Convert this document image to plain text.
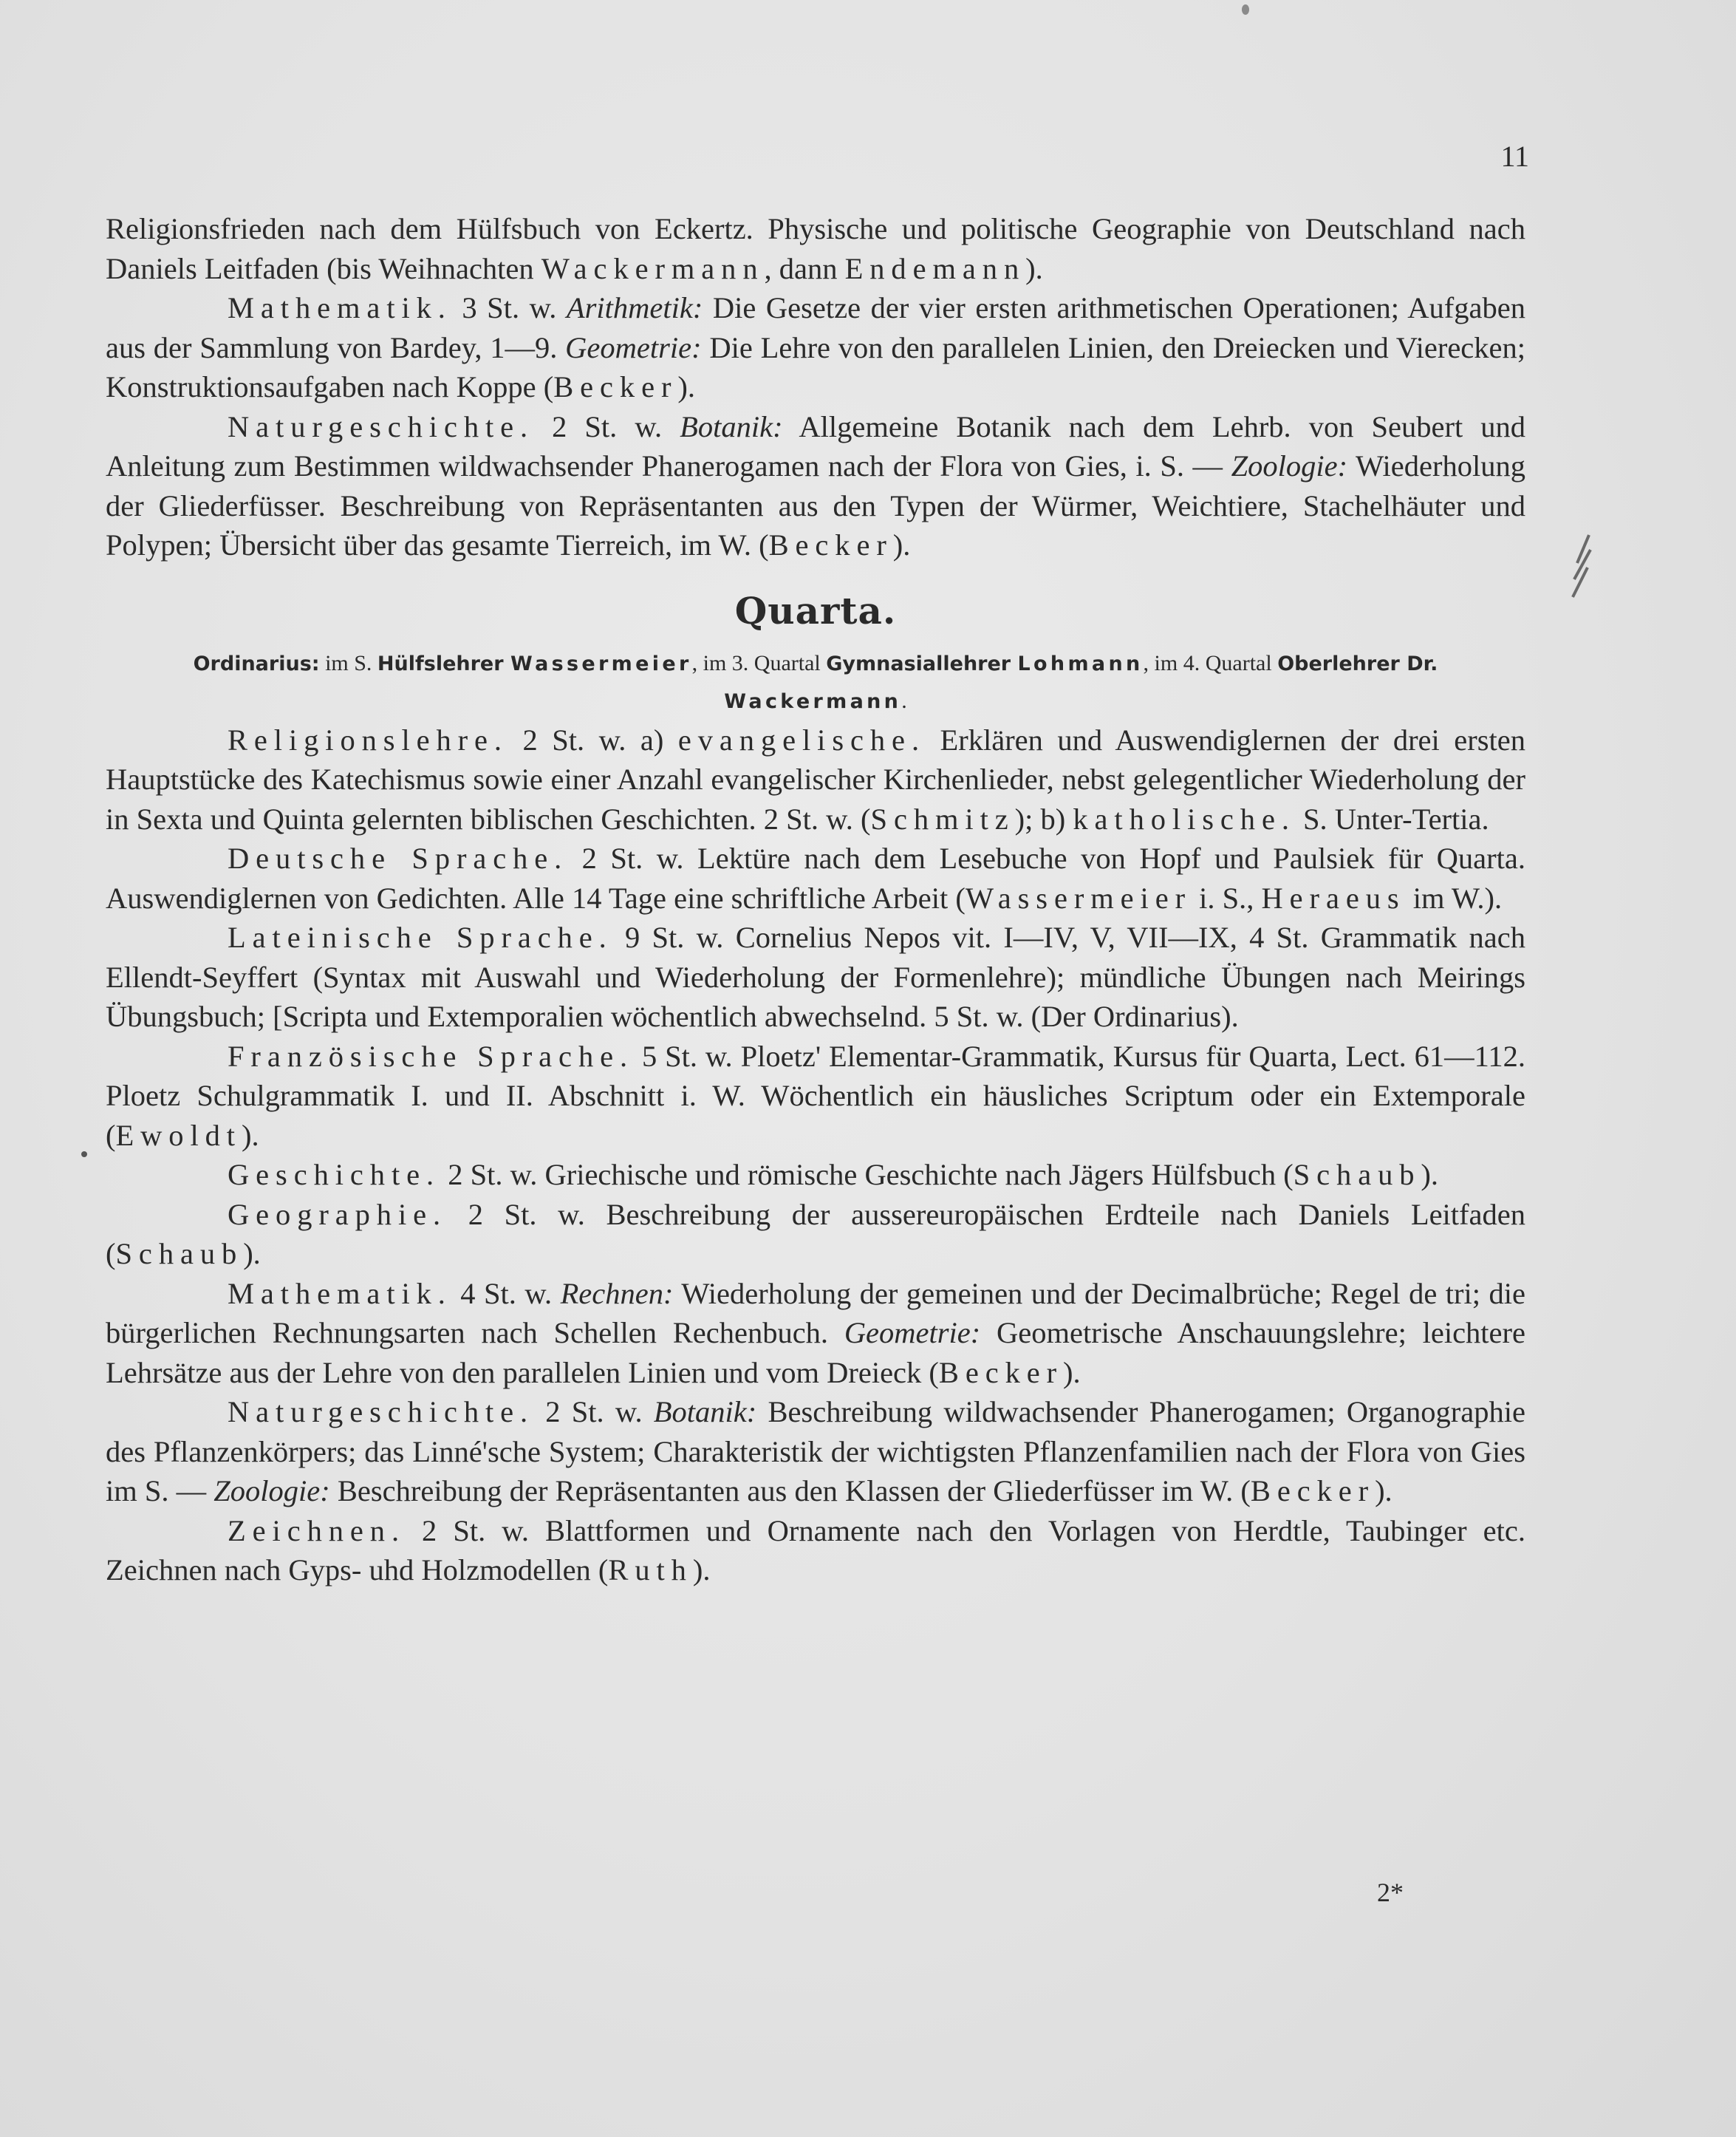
11

Religionsfrieden nach dem Hülfsbuch von Eckertz. Physische und politische Geographie von Deutschland nach Daniels Leitfaden (bis Weihnachten Wackermann, dann Endemann).

Mathematik. 3 St. w. Arithmetik: Die Gesetze der vier ersten arithmetischen Operationen; Aufgaben aus der Sammlung von Bardey, 1—9. Geometrie: Die Lehre von den parallelen Linien, den Dreiecken und Vierecken; Konstruktionsaufgaben nach Koppe (Becker).

Naturgeschichte. 2 St. w. Botanik: Allgemeine Botanik nach dem Lehrb. von Seubert und Anleitung zum Bestimmen wildwachsender Phanerogamen nach der Flora von Gies, i. S. — Zoologie: Wiederholung der Gliederfüsser. Beschreibung von Repräsentanten aus den Typen der Würmer, Weichtiere, Stachelhäuter und Polypen; Übersicht über das gesamte Tierreich, im W. (Becker).

Quarta.

Ordinarius: im S. Hülfslehrer Wassermeier, im 3. Quartal Gymnasiallehrer Lohmann, im 4. Quartal Oberlehrer Dr. Wackermann.

Religionslehre. 2 St. w. a) evangelische. Erklären und Auswendiglernen der drei ersten Hauptstücke des Katechismus sowie einer Anzahl evangelischer Kirchenlieder, nebst gelegentlicher Wiederholung der in Sexta und Quinta gelernten biblischen Geschichten. 2 St. w. (Schmitz); b) katholische. S. Unter-Tertia.

Deutsche Sprache. 2 St. w. Lektüre nach dem Lesebuche von Hopf und Paulsiek für Quarta. Auswendiglernen von Gedichten. Alle 14 Tage eine schriftliche Arbeit (Wassermeier i. S., Heraeus im W.).

Lateinische Sprache. 9 St. w. Cornelius Nepos vit. I—IV, V, VII—IX, 4 St. Grammatik nach Ellendt-Seyffert (Syntax mit Auswahl und Wiederholung der Formenlehre); mündliche Übungen nach Meirings Übungsbuch; [Scripta und Extemporalien wöchentlich abwechselnd. 5 St. w. (Der Ordinarius).

Französische Sprache. 5 St. w. Ploetz' Elementar-Grammatik, Kursus für Quarta, Lect. 61—112. Ploetz Schulgrammatik I. und II. Abschnitt i. W. Wöchentlich ein häusliches Scriptum oder ein Extemporale (Ewoldt).

Geschichte. 2 St. w. Griechische und römische Geschichte nach Jägers Hülfsbuch (Schaub).

Geographie. 2 St. w. Beschreibung der aussereuropäischen Erdteile nach Daniels Leitfaden (Schaub).

Mathematik. 4 St. w. Rechnen: Wiederholung der gemeinen und der Decimalbrüche; Regel de tri; die bürgerlichen Rechnungsarten nach Schellen Rechenbuch. Geometrie: Geometrische Anschauungslehre; leichtere Lehrsätze aus der Lehre von den parallelen Linien und vom Dreieck (Becker).

Naturgeschichte. 2 St. w. Botanik: Beschreibung wildwachsender Phanerogamen; Organographie des Pflanzenkörpers; das Linné'sche System; Charakteristik der wichtigsten Pflanzenfamilien nach der Flora von Gies im S. — Zoologie: Beschreibung der Repräsentanten aus den Klassen der Gliederfüsser im W. (Becker).

Zeichnen. 2 St. w. Blattformen und Ornamente nach den Vorlagen von Herdtle, Taubinger etc. Zeichnen nach Gyps- uhd Holzmodellen (Ruth).

2*
